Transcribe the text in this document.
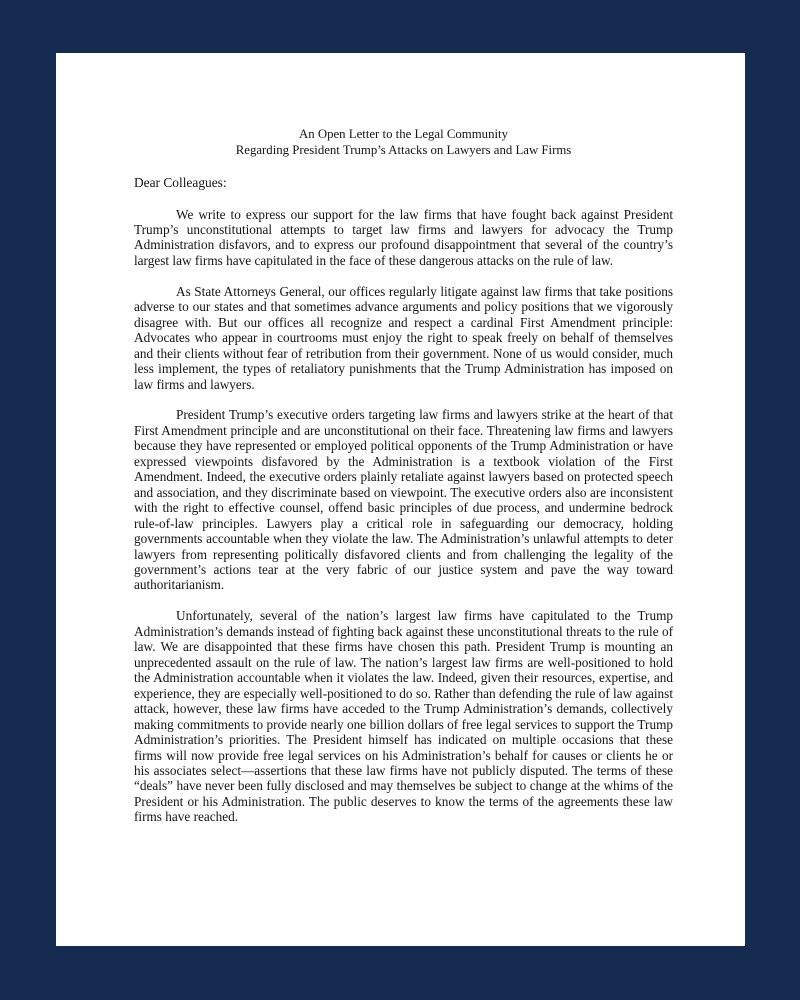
An Open Letter to the Legal Community
Regarding President Trump’s Attacks on Lawyers and Law Firms

Dear Colleagues:

We write to express our support for the law firms that have fought back against President Trump’s unconstitutional attempts to target law firms and lawyers for advocacy the Trump Administration disfavors, and to express our profound disappointment that several of the country’s largest law firms have capitulated in the face of these dangerous attacks on the rule of law.

As State Attorneys General, our offices regularly litigate against law firms that take positions adverse to our states and that sometimes advance arguments and policy positions that we vigorously disagree with. But our offices all recognize and respect a cardinal First Amendment principle: Advocates who appear in courtrooms must enjoy the right to speak freely on behalf of themselves and their clients without fear of retribution from their government. None of us would consider, much less implement, the types of retaliatory punishments that the Trump Administration has imposed on law firms and lawyers.

President Trump’s executive orders targeting law firms and lawyers strike at the heart of that First Amendment principle and are unconstitutional on their face. Threatening law firms and lawyers because they have represented or employed political opponents of the Trump Administration or have expressed viewpoints disfavored by the Administration is a textbook violation of the First Amendment. Indeed, the executive orders plainly retaliate against lawyers based on protected speech and association, and they discriminate based on viewpoint. The executive orders also are inconsistent with the right to effective counsel, offend basic principles of due process, and undermine bedrock rule-of-law principles. Lawyers play a critical role in safeguarding our democracy, holding governments accountable when they violate the law. The Administration’s unlawful attempts to deter lawyers from representing politically disfavored clients and from challenging the legality of the government’s actions tear at the very fabric of our justice system and pave the way toward authoritarianism.

Unfortunately, several of the nation’s largest law firms have capitulated to the Trump Administration’s demands instead of fighting back against these unconstitutional threats to the rule of law. We are disappointed that these firms have chosen this path. President Trump is mounting an unprecedented assault on the rule of law. The nation’s largest law firms are well-positioned to hold the Administration accountable when it violates the law. Indeed, given their resources, expertise, and experience, they are especially well-positioned to do so. Rather than defending the rule of law against attack, however, these law firms have acceded to the Trump Administration’s demands, collectively making commitments to provide nearly one billion dollars of free legal services to support the Trump Administration’s priorities. The President himself has indicated on multiple occasions that these firms will now provide free legal services on his Administration’s behalf for causes or clients he or his associates select—assertions that these law firms have not publicly disputed. The terms of these “deals” have never been fully disclosed and may themselves be subject to change at the whims of the President or his Administration. The public deserves to know the terms of the agreements these law firms have reached.
